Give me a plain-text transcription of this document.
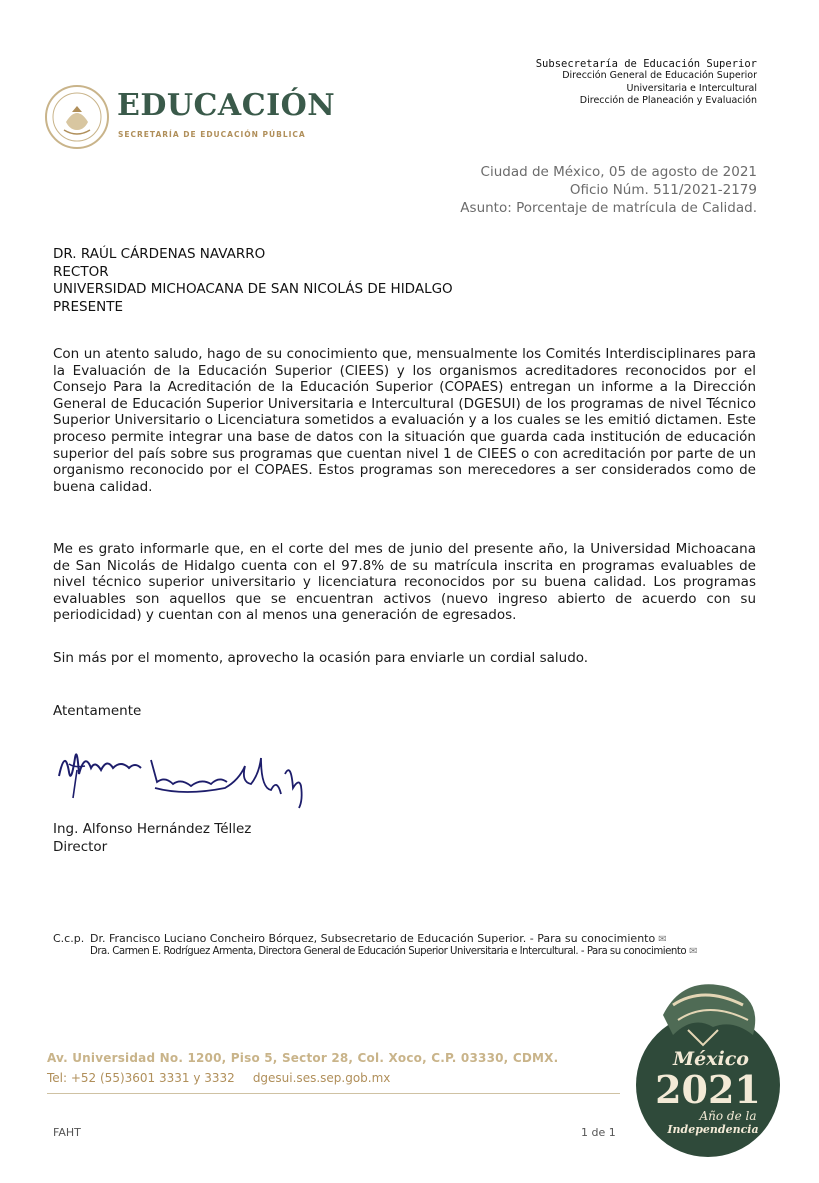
EDUCACIÓN
SECRETARÍA DE EDUCACIÓN PÚBLICA
Subsecretaría de Educación Superior
Dirección General de Educación Superior
Universitaria e Intercultural
Dirección de Planeación y Evaluación
Ciudad de México, 05 de agosto de 2021
Oficio Núm. 511/2021-2179
Asunto: Porcentaje de matrícula de Calidad.
DR. RAÚL CÁRDENAS NAVARRO
RECTOR
UNIVERSIDAD MICHOACANA DE SAN NICOLÁS DE HIDALGO
PRESENTE
Con un atento saludo, hago de su conocimiento que, mensualmente los Comités Interdisciplinares para la Evaluación de la Educación Superior (CIEES) y los organismos acreditadores reconocidos por el Consejo Para la Acreditación de la Educación Superior (COPAES) entregan un informe a la Dirección General de Educación Superior Universitaria e Intercultural (DGESUI) de los programas de nivel Técnico Superior Universitario o Licenciatura sometidos a evaluación y a los cuales se les emitió dictamen. Este proceso permite integrar una base de datos con la situación que guarda cada institución de educación superior del país sobre sus programas que cuentan nivel 1 de CIEES o con acreditación por parte de un organismo reconocido por el COPAES. Estos programas son merecedores a ser considerados como de buena calidad.
Me es grato informarle que, en el corte del mes de junio del presente año, la Universidad Michoacana de San Nicolás de Hidalgo cuenta con el 97.8% de su matrícula inscrita en programas evaluables de nivel técnico superior universitario y licenciatura reconocidos por su buena calidad. Los programas evaluables son aquellos que se encuentran activos (nuevo ingreso abierto de acuerdo con su periodicidad) y cuentan con al menos una generación de egresados.
Sin más por el momento, aprovecho la ocasión para enviarle un cordial saludo.
Atentamente
Ing. Alfonso Hernández Téllez
Director
C.c.p. Dr. Francisco Luciano Concheiro Bórquez, Subsecretario de Educación Superior. - Para su conocimiento ✉
Dra. Carmen E. Rodríguez Armenta, Directora General de Educación Superior Universitaria e Intercultural. - Para su conocimiento ✉
Av. Universidad No. 1200, Piso 5, Sector 28, Col. Xoco, C.P. 03330, CDMX.
Tel: +52 (55)3601 3331 y 3332 dgesui.ses.sep.gob.mx
FAHT	1 de 1
México
2021
Año de la
Independencia
